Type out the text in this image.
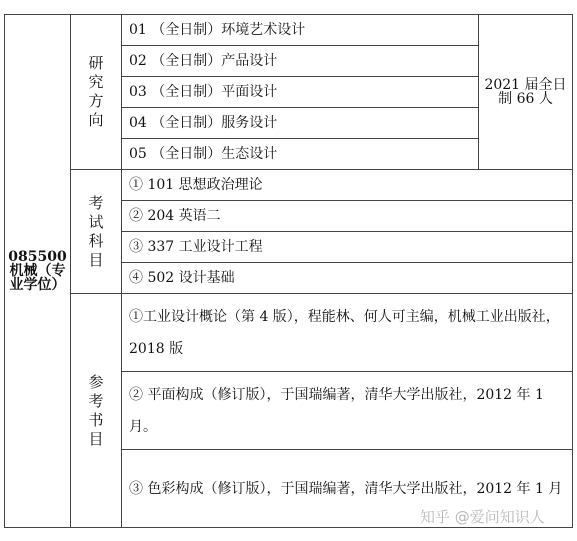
085500机械（专业学位）	研究方向	01 （全日制）环境艺术设计	2021 届全日制 66 人
		02 （全日制）产品设计	
		03 （全日制）平面设计	
		04 （全日制）服务设计	
		05 （全日制）生态设计	
	考试科目	① 101 思想政治理论	
		② 204 英语二	
		③ 337 工业设计工程	
		④ 502 设计基础	
	参考书目	①工业设计概论（第 4 版），程能林、何人可主编，机械工业出版社，2018 版	
		② 平面构成（修订版），于国瑞编著，清华大学出版社，2012 年 1 月。	
		③ 色彩构成（修订版），于国瑞编著，清华大学出版社，2012 年 1 月	
知乎 @爱问知识人
